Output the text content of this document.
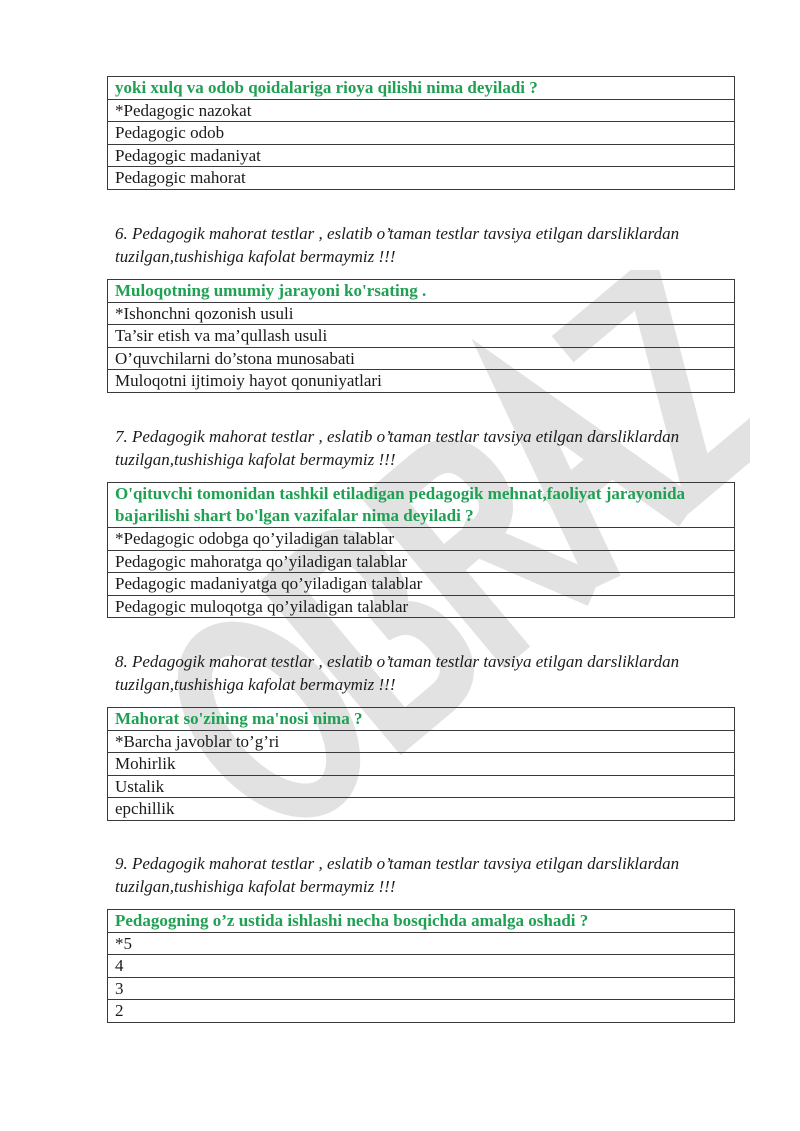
yoki xulq va odob qoidalariga rioya qilishi nima deyiladi ?
*Pedagogic nazokat
Pedagogic odob
Pedagogic madaniyat
Pedagogic mahorat
6. Pedagogik mahorat testlar , eslatib o’taman testlar tavsiya etilgan darsliklardan tuzilgan,tushishiga kafolat bermaymiz !!!
Muloqotning umumiy jarayoni ko'rsating .
*Ishonchni qozonish usuli
Ta’sir etish va ma’qullash usuli
O’quvchilarni do’stona munosabati
Muloqotni ijtimoiy hayot qonuniyatlari
7. Pedagogik mahorat testlar , eslatib o’taman testlar tavsiya etilgan darsliklardan tuzilgan,tushishiga kafolat bermaymiz !!!
O'qituvchi tomonidan tashkil etiladigan pedagogik mehnat,faoliyat jarayonida bajarilishi shart bo'lgan vazifalar nima deyiladi ?
*Pedagogic odobga qo’yiladigan talablar
Pedagogic mahoratga qo’yiladigan talablar
Pedagogic madaniyatga qo’yiladigan talablar
Pedagogic muloqotga qo’yiladigan talablar
8. Pedagogik mahorat testlar , eslatib o’taman testlar tavsiya etilgan darsliklardan tuzilgan,tushishiga kafolat bermaymiz !!!
Mahorat so'zining ma'nosi nima ?
*Barcha javoblar to’g’ri
Mohirlik
Ustalik
epchillik
9. Pedagogik mahorat testlar , eslatib o’taman testlar tavsiya etilgan darsliklardan tuzilgan,tushishiga kafolat bermaymiz !!!
Pedagogning o’z ustida ishlashi necha bosqichda amalga oshadi ?
*5
4
3
2
